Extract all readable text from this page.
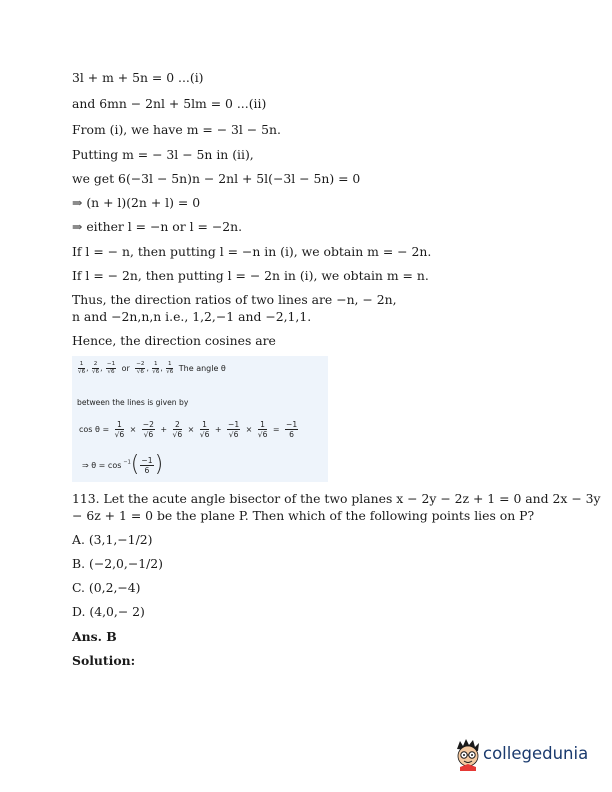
3l + m + 5n = 0 ...(i)
and 6mn − 2nl + 5lm = 0 ...(ii)
From (i), we have m = − 3l − 5n.
Putting m = − 3l − 5n in (ii),
we get 6(−3l − 5n)n − 2nl + 5l(−3l − 5n) = 0
⇒ (n + l)(2n + l) = 0
⇒ either l = −n or l = −2n.
If l = − n, then putting l = −n in (i), we obtain m = − 2n.
If l = − 2n, then putting l = − 2n in (i), we obtain m = n.
Thus, the direction ratios of two lines are −n, − 2n,
n and −2n,n,n i.e., 1,2,−1 and −2,1,1.
Hence, the direction cosines are
$\frac{1}{√6}$ , $\frac{2}{√6}$ , $\frac{-1}{√6}$ or $\frac{-2}{√6}$ , $\frac{1}{√6}$ , $\frac{1}{√6}$ The angle θ
between the lines is given by
$\cos \theta = \frac{1}{√6} \times \frac{-2}{√6} + \frac{2}{√6} \times \frac{1}{√6} + \frac{-1}{√6} \times \frac{1}{√6} = \frac{-1}{6}$
⇒ $\theta = \cos ^{-1}( \frac{-1}{6}$ )
113. Let the acute angle bisector of the two planes x − 2y − 2z + 1 = 0 and 2x − 3y
− 6z + 1 = 0 be the plane P. Then which of the following points lies on P?
A. (3,1,−1/2)
B. (−2,0,−1/2)
C. (0,2,−4)
D. (4,0,− 2)
Ans. B
Solution:
collegedunia
